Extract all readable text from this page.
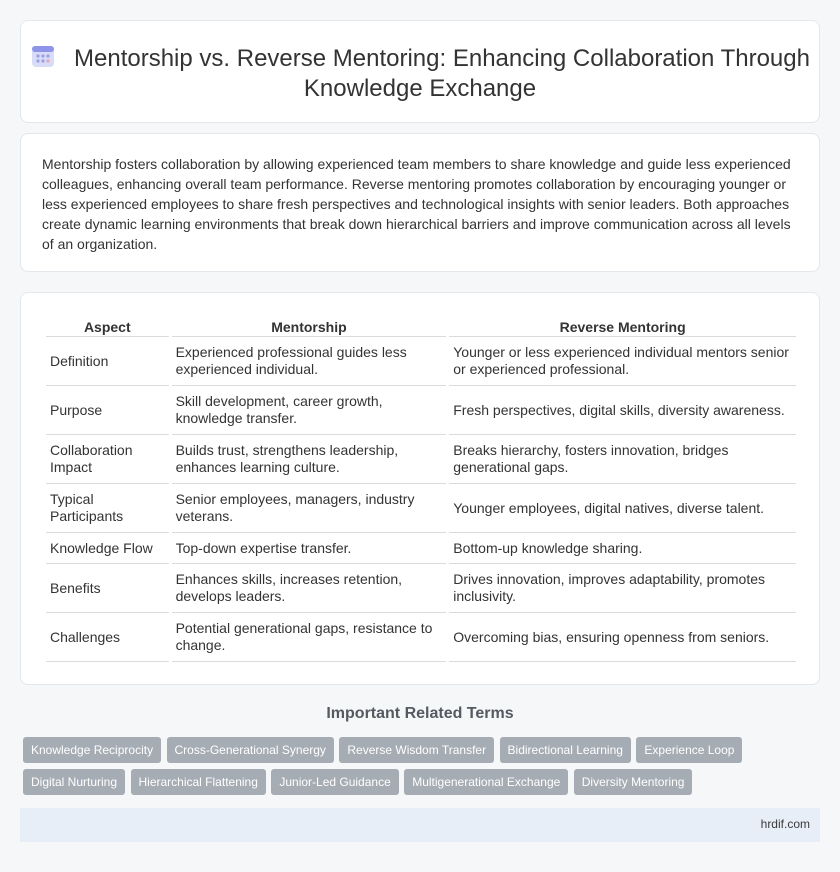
Mentorship vs. Reverse Mentoring: Enhancing Collaboration Through Knowledge Exchange

Mentorship fosters collaboration by allowing experienced team members to share knowledge and guide less experienced colleagues, enhancing overall team performance. Reverse mentoring promotes collaboration by encouraging younger or less experienced employees to share fresh perspectives and technological insights with senior leaders. Both approaches create dynamic learning environments that break down hierarchical barriers and improve communication across all levels of an organization.

Aspect	Mentorship	Reverse Mentoring
Definition	Experienced professional guides less experienced individual.	Younger or less experienced individual mentors senior or experienced professional.
Purpose	Skill development, career growth, knowledge transfer.	Fresh perspectives, digital skills, diversity awareness.
Collaboration Impact	Builds trust, strengthens leadership, enhances learning culture.	Breaks hierarchy, fosters innovation, bridges generational gaps.
Typical Participants	Senior employees, managers, industry veterans.	Younger employees, digital natives, diverse talent.
Knowledge Flow	Top-down expertise transfer.	Bottom-up knowledge sharing.
Benefits	Enhances skills, increases retention, develops leaders.	Drives innovation, improves adaptability, promotes inclusivity.
Challenges	Potential generational gaps, resistance to change.	Overcoming bias, ensuring openness from seniors.
Important Related Terms
Knowledge Reciprocity Cross-Generational Synergy Reverse Wisdom Transfer Bidirectional Learning Experience Loop Digital Nurturing Hierarchical Flattening Junior-Led Guidance Multigenerational Exchange Diversity Mentoring
hrdif.com
